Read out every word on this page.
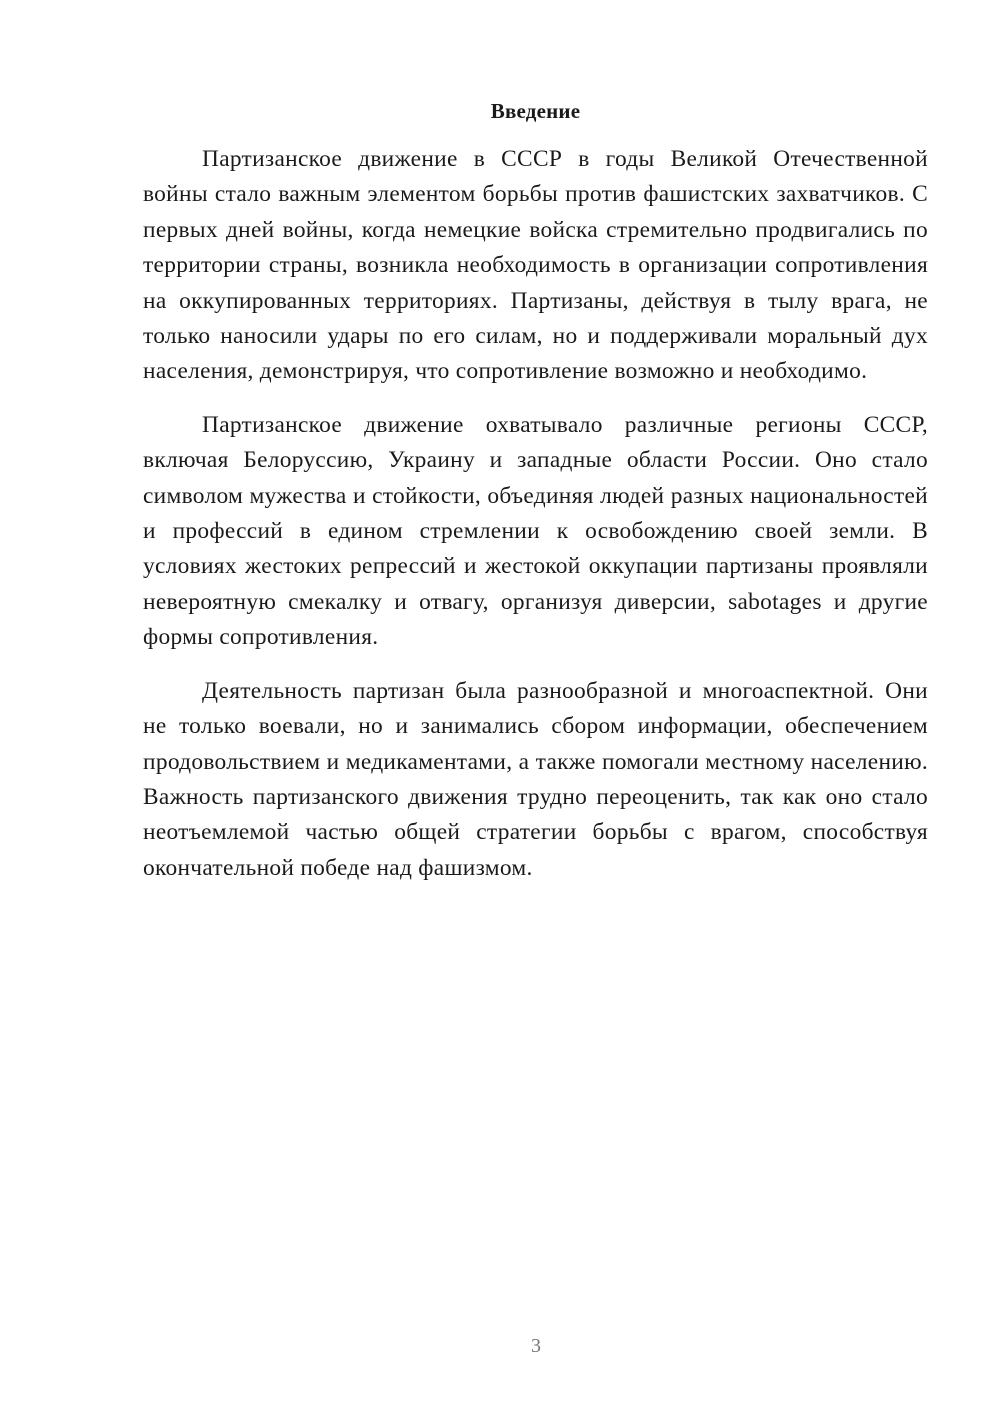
Введение

Партизанское движение в СССР в годы Великой Отечественной войны стало важным элементом борьбы против фашистских захватчиков. С первых дней войны, когда немецкие войска стремительно продвигались по территории страны, возникла необходимость в организации сопротивления на оккупированных территориях. Партизаны, действуя в тылу врага, не только наносили удары по его силам, но и поддерживали моральный дух населения, демонстрируя, что сопротивление возможно и необходимо.

Партизанское движение охватывало различные регионы СССР, включая Белоруссию, Украину и западные области России. Оно стало символом мужества и стойкости, объединяя людей разных национальностей и профессий в едином стремлении к освобождению своей земли. В условиях жестоких репрессий и жестокой оккупации партизаны проявляли невероятную смекалку и отвагу, организуя диверсии, sabotages и другие формы сопротивления.

Деятельность партизан была разнообразной и многоаспектной. Они не только воевали, но и занимались сбором информации, обеспечением продовольствием и медикаментами, а также помогали местному населению. Важность партизанского движения трудно переоценить, так как оно стало неотъемлемой частью общей стратегии борьбы с врагом, способствуя окончательной победе над фашизмом.

3
